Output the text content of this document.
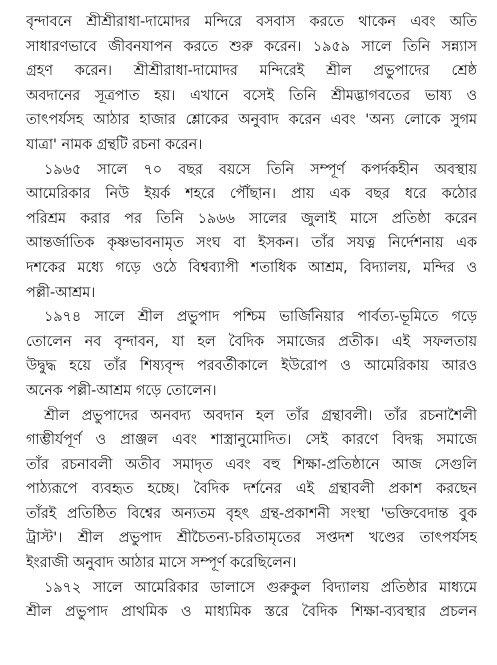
বৃন্দাবনে শ্রীশ্রীরাধা-দামোদর মন্দিরে বসবাস করতে থাকেন এবং অতি
সাধারণভাবে জীবনযাপন করতে শুরু করেন। ১৯৫৯ সালে তিনি সন্ন্যাস
গ্রহণ করেন। শ্রীশ্রীরাধা-দামোদর মন্দিরেই শ্রীল প্রভুপাদের শ্রেষ্ঠ
অবদানের সূত্রপাত হয়। এখানে বসেই তিনি শ্রীমদ্ভাগবতের ভাষ্য ও
তাৎপর্যসহ আঠার হাজার শ্লোকের অনুবাদ করেন এবং 'অন্য লোকে সুগম
যাত্রা' নামক গ্রন্থটি রচনা করেন।
১৯৬৫ সালে ৭০ বছর বয়সে তিনি সম্পূর্ণ কপর্দকহীন অবস্থায়
আমেরিকার নিউ ইয়র্ক শহরে পৌঁছান। প্রায় এক বছর ধরে কঠোর
পরিশ্রম করার পর তিনি ১৯৬৬ সালের জুলাই মাসে প্রতিষ্ঠা করেন
আন্তর্জাতিক কৃষ্ণভাবনামৃত সংঘ বা ইসকন। তাঁর সযত্ন নির্দেশনায় এক
দশকের মধ্যে গড়ে ওঠে বিশ্বব্যাপী শতাধিক আশ্রম, বিদ্যালয়, মন্দির ও
পল্লী-আশ্রম।
১৯৭৪ সালে শ্রীল প্রভুপাদ পশ্চিম ভার্জিনিয়ার পার্বত্য-ভূমিতে গড়ে
তোলেন নব বৃন্দাবন, যা হল বৈদিক সমাজের প্রতীক। এই সফলতায়
উদ্বুদ্ধ হয়ে তাঁর শিষ্যবৃন্দ পরবর্তীকালে ইউরোপ ও আমেরিকায় আরও
অনেক পল্লী-আশ্রম গড়ে তোলেন।
শ্রীল প্রভুপাদের অনবদ্য অবদান হল তাঁর গ্রন্থাবলী। তাঁর রচনাশৈলী
গাম্ভীর্যপূর্ণ ও প্রাঞ্জল এবং শাস্ত্রানুমোদিত। সেই কারণে বিদগ্ধ সমাজে
তাঁর রচনাবলী অতীব সমাদৃত এবং বহু শিক্ষা-প্রতিষ্ঠানে আজ সেগুলি
পাঠ্যরূপে ব্যবহৃত হচ্ছে। বৈদিক দর্শনের এই গ্রন্থাবলী প্রকাশ করছেন
তাঁরই প্রতিষ্ঠিত বিশ্বের অন্যতম বৃহৎ গ্রন্থ-প্রকাশনী সংস্থা 'ভক্তিবেদান্ত বুক
ট্রাস্ট'। শ্রীল প্রভুপাদ শ্রীচৈতন্য-চরিতামৃতের সপ্তদশ খণ্ডের তাৎপর্যসহ
ইংরাজী অনুবাদ আঠার মাসে সম্পূর্ণ করেছিলেন।
১৯৭২ সালে আমেরিকার ডালাসে গুরুকুল বিদ্যালয় প্রতিষ্ঠার মাধ্যমে
শ্রীল প্রভুপাদ প্রাথমিক ও মাধ্যমিক স্তরে বৈদিক শিক্ষা-ব্যবস্থার প্রচলন
